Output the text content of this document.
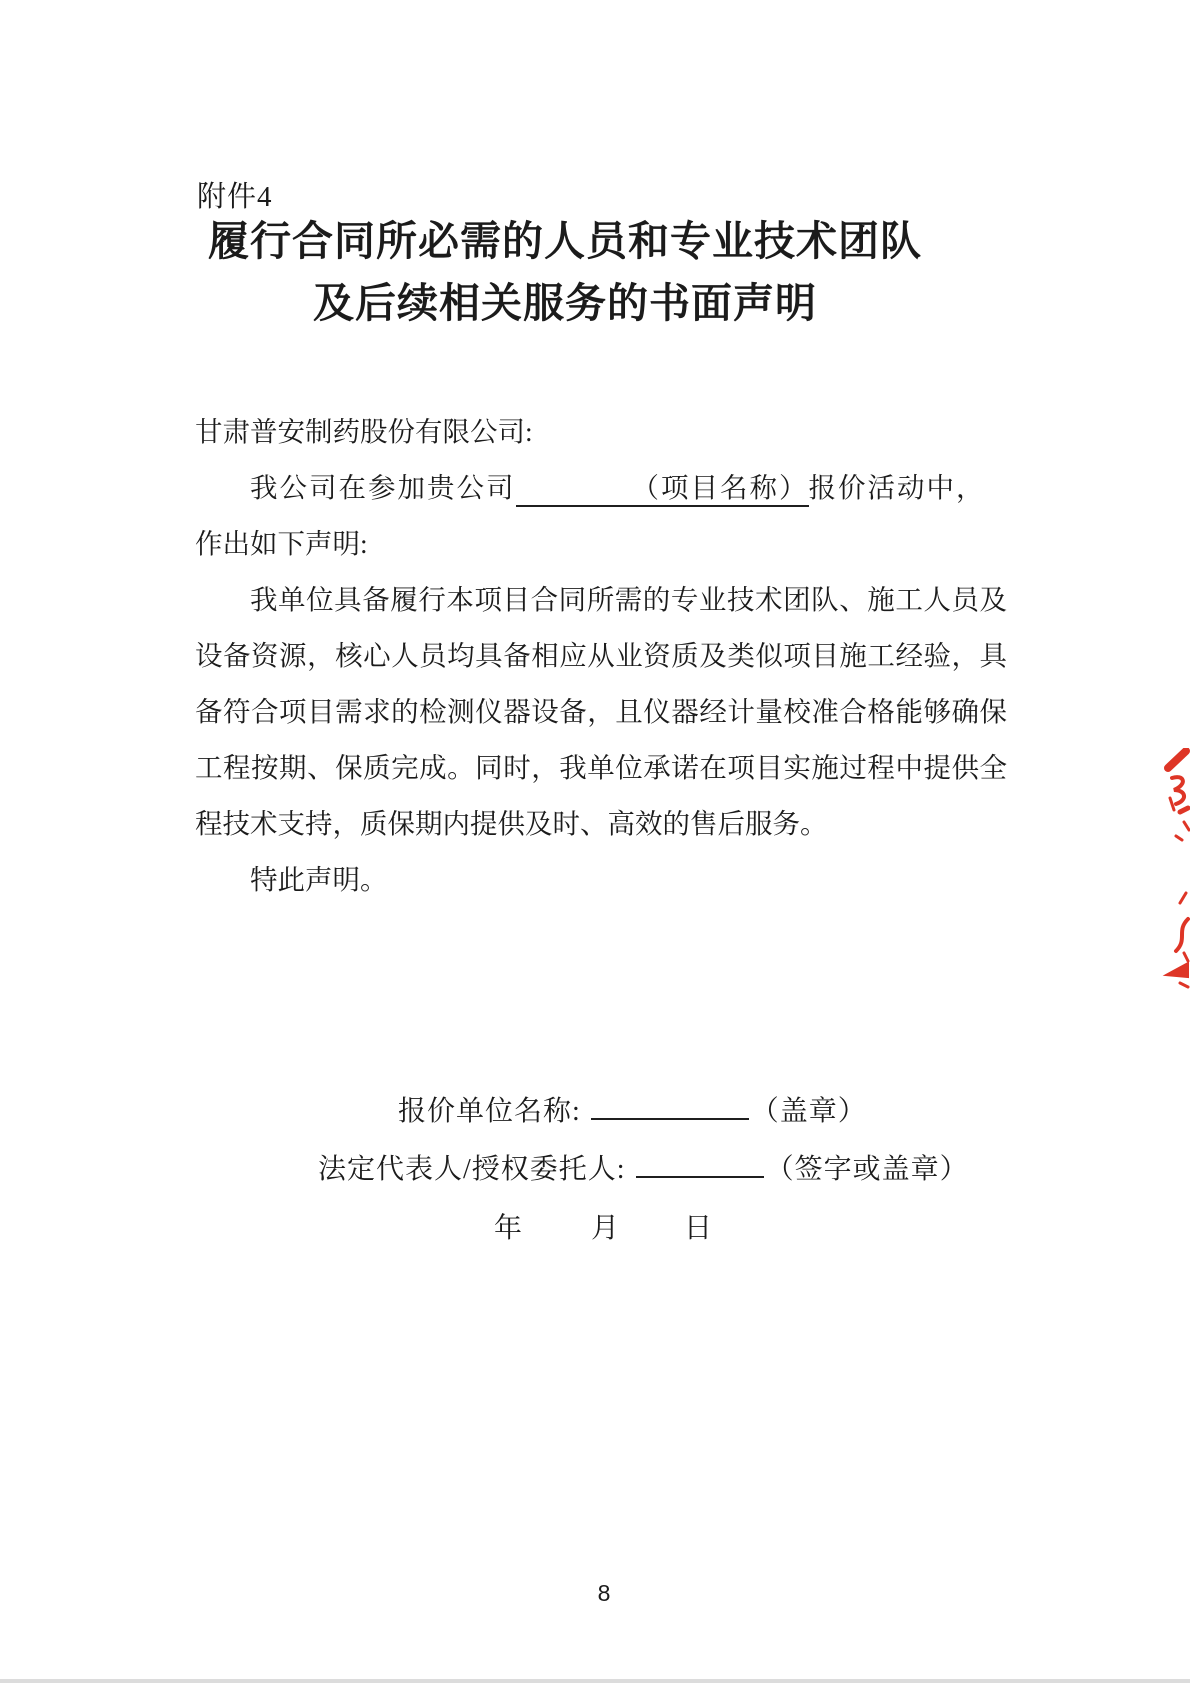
附件4
履行合同所必需的人员和专业技术团队
及后续相关服务的书面声明
甘肃普安制药股份有限公司:
我公司在参加贵公司	（项目名称）报价活动中，
作出如下声明:
我单位具备履行本项目合同所需的专业技术团队、施工人员及
设备资源，核心人员均具备相应从业资质及类似项目施工经验，具
备符合项目需求的检测仪器设备，且仪器经计量校准合格能够确保
工程按期、保质完成。同时，我单位承诺在项目实施过程中提供全
程技术支持，质保期内提供及时、高效的售后服务。
特此声明。
报价单位名称:	（盖章）
法定代表人/授权委托人:	（签字或盖章）
年 月 日
8
